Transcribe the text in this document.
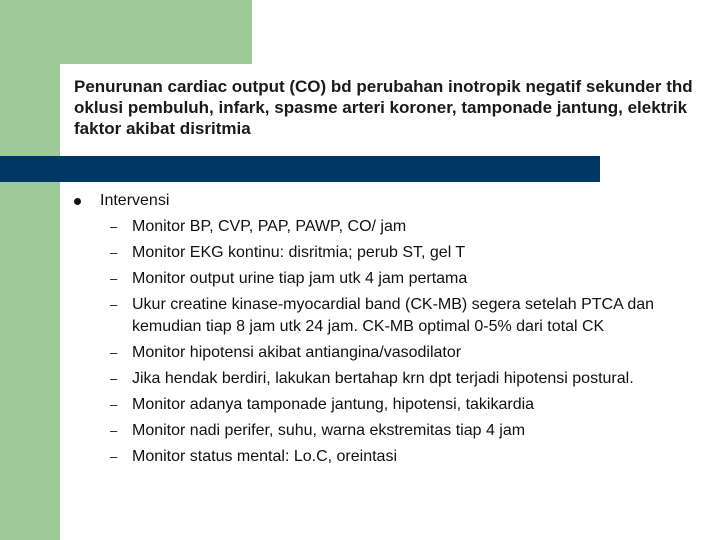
Penurunan cardiac output (CO) bd perubahan inotropik negatif sekunder thd oklusi pembuluh, infark, spasme arteri koroner, tamponade jantung, elektrik faktor akibat disritmia

Intervensi
– Monitor BP, CVP, PAP, PAWP, CO/ jam
– Monitor EKG kontinu: disritmia; perub ST, gel T
– Monitor output urine tiap jam utk 4 jam pertama
– Ukur creatine kinase-myocardial band (CK-MB) segera setelah PTCA dan kemudian tiap 8 jam utk 24 jam. CK-MB optimal 0-5% dari total CK
– Monitor hipotensi akibat antiangina/vasodilator
– Jika hendak berdiri, lakukan bertahap krn dpt terjadi hipotensi postural.
– Monitor adanya tamponade jantung, hipotensi, takikardia
– Monitor nadi perifer, suhu, warna ekstremitas tiap 4 jam
– Monitor status mental: Lo.C, oreintasi
